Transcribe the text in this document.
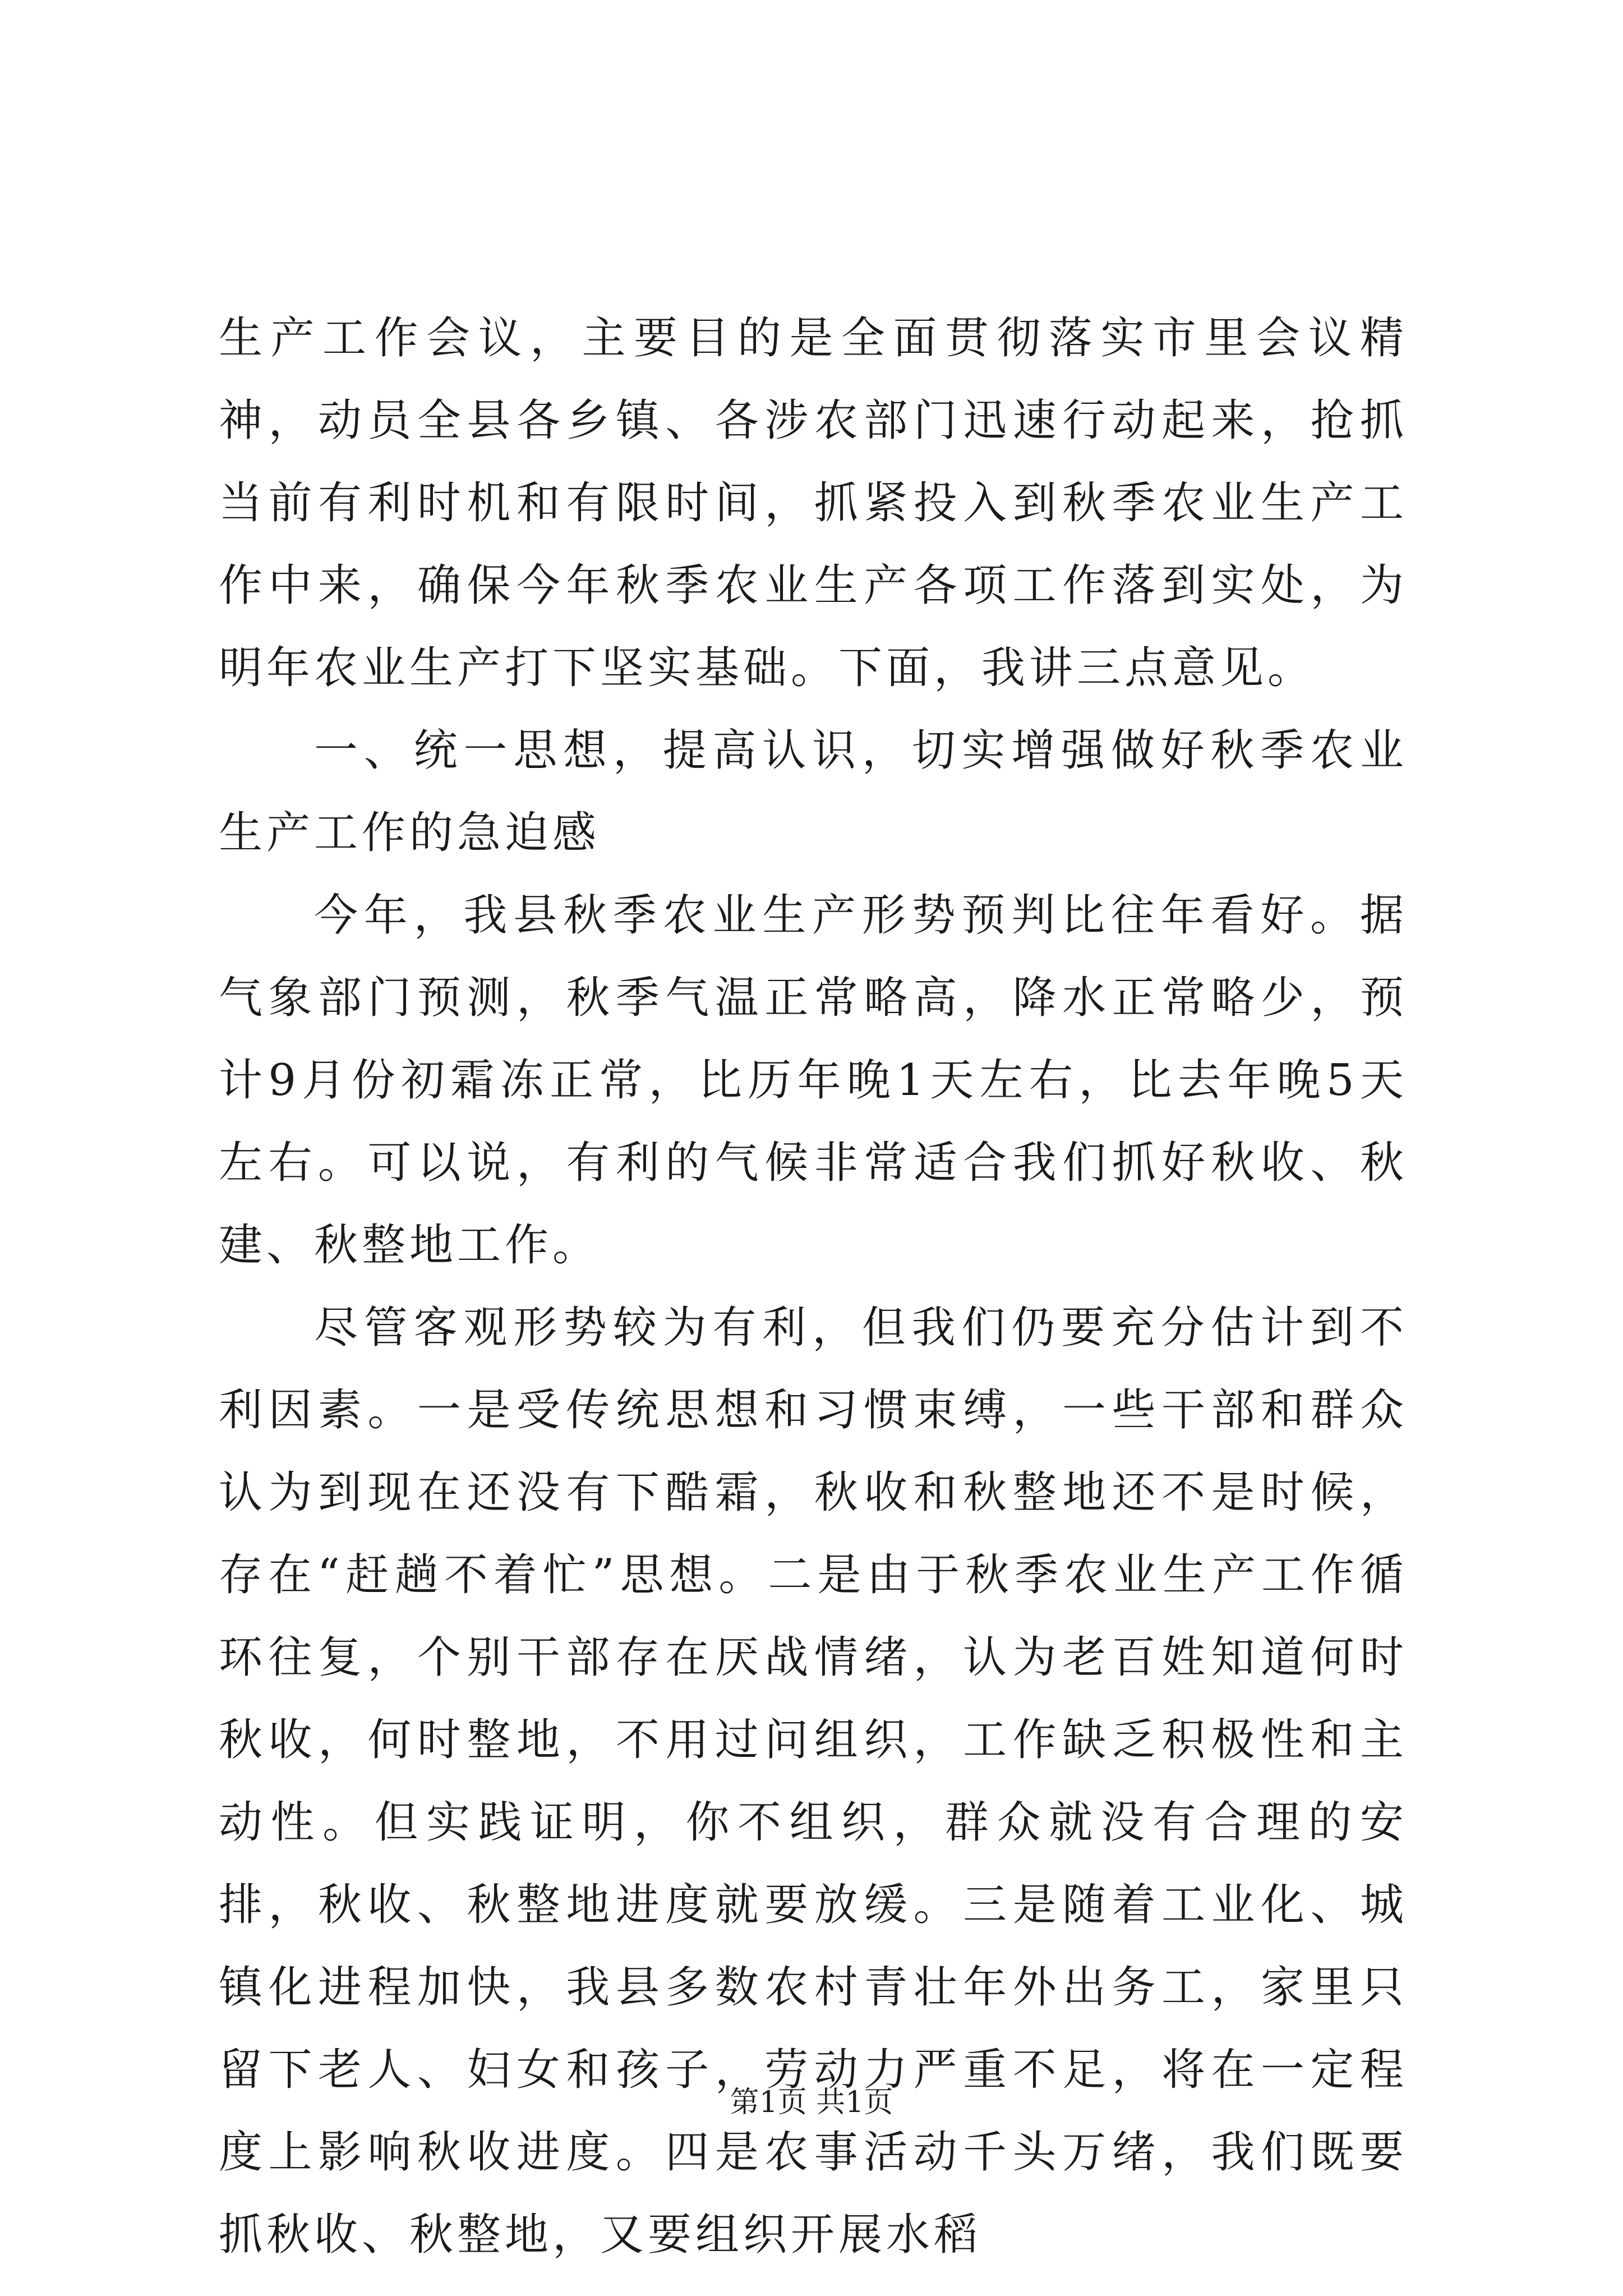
生产工作会议，主要目的是全面贯彻落实市里会议精神，动员全县各乡镇、各涉农部门迅速行动起来，抢抓当前有利时机和有限时间，抓紧投入到秋季农业生产工作中来，确保今年秋季农业生产各项工作落到实处，为明年农业生产打下坚实基础。下面，我讲三点意见。

一、统一思想，提高认识，切实增强做好秋季农业生产工作的急迫感

今年，我县秋季农业生产形势预判比往年看好。据气象部门预测，秋季气温正常略高，降水正常略少，预计9月份初霜冻正常，比历年晚1天左右，比去年晚5天左右。可以说，有利的气候非常适合我们抓好秋收、秋建、秋整地工作。

尽管客观形势较为有利，但我们仍要充分估计到不利因素。一是受传统思想和习惯束缚，一些干部和群众认为到现在还没有下酷霜，秋收和秋整地还不是时候，存在“赶趟不着忙”思想。二是由于秋季农业生产工作循环往复，个别干部存在厌战情绪，认为老百姓知道何时秋收，何时整地，不用过问组织，工作缺乏积极性和主动性。但实践证明，你不组织，群众就没有合理的安排，秋收、秋整地进度就要放缓。三是随着工业化、城镇化进程加快，我县多数农村青壮年外出务工，家里只留下老人、妇女和孩子，劳动力严重不足，将在一定程度上影响秋收进度。四是农事活动千头万绪，我们既要抓秋收、秋整地，又要组织开展水稻

第1页 共1页
